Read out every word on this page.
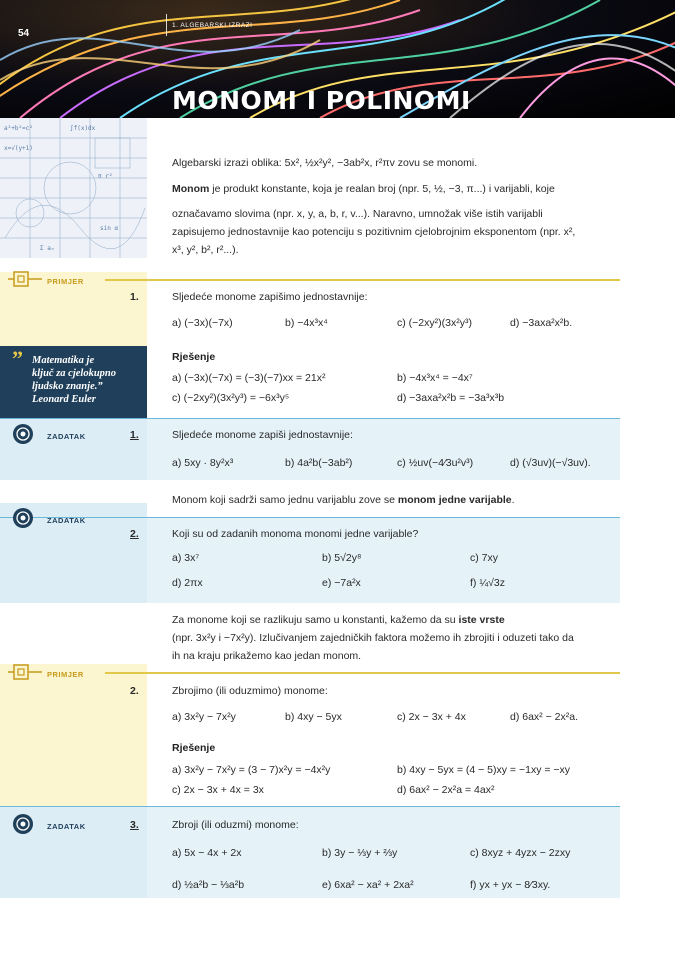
54
1. ALGEBARSKI IZRAZI
MONOMI I POLINOMI
a²+b²=c²	∫f(x)dx
x=√(y+1)
π r²
Σ aₙ
sin α
Algebarski izrazi oblika: 5x², ½x²y², −3ab²x, r²πv zovu se monomi.
Monom je produkt konstante, koja je realan broj (npr. 5, ½, −3, π...) i varijabli, koje
označavamo slovima (npr. x, y, a, b, r, v...). Naravno, umnožak više istih varijabli
zapisujemo jednostavnije kao potenciju s pozitivnim cjelobrojnim eksponentom (npr. x²,
x³, y², b², r²...).
PRIMJER
1.	Sljedeće monome zapišimo jednostavnije:
a) (−3x)(−7x)	b) −4x³x⁴	c) (−2xy²)(3x²y³)	d) −3axa²x²b.
” Matematika je
ključ za cjelokupno
ljudsko znanje.”
Leonard Euler
Rješenje
a) (−3x)(−7x) = (−3)(−7)xx = 21x²	b) −4x³x⁴ = −4x⁷
c) (−2xy²)(3x²y³) = −6x³y⁵	d) −3axa²x²b = −3a³x³b
ZADATAK	1.	Sljedeće monome zapiši jednostavnije:
a) 5xy · 8y²x³	b) 4a²b(−3ab²)	c) ½uv(−4⁄3u²v³)	d) (√3uv)(−√3uv).
Monom koji sadrži samo jednu varijablu zove se monom jedne varijable.
ZADATAK
2.	Koji su od zadanih monoma monomi jedne varijable?
a) 3x⁷	b) 5√2y⁸	c) 7xy
d) 2πx	e) −7a²x	f) ¼√3z
Za monome koji se razlikuju samo u konstanti, kažemo da su iste vrste
(npr. 3x²y i −7x²y). Izlučivanjem zajedničkih faktora možemo ih zbrojiti i oduzeti tako da
ih na kraju prikažemo kao jedan monom.
PRIMJER
2.	Zbrojimo (ili oduzmimo) monome:
a) 3x²y − 7x²y	b) 4xy − 5yx	c) 2x − 3x + 4x	d) 6ax² − 2x²a.
Rješenje
a) 3x²y − 7x²y = (3 − 7)x²y = −4x²y	b) 4xy − 5yx = (4 − 5)xy = −1xy = −xy
c) 2x − 3x + 4x = 3x	d) 6ax² − 2x²a = 4ax²
ZADATAK	3.	Zbroji (ili oduzmi) monome:
a) 5x − 4x + 2x	b) 3y − ⅓y + ⅔y	c) 8xyz + 4yzx − 2zxy
d) ½a²b − ⅓a²b	e) 6xa² − xa² + 2xa²	f) yx + yx − 8⁄3xy.
